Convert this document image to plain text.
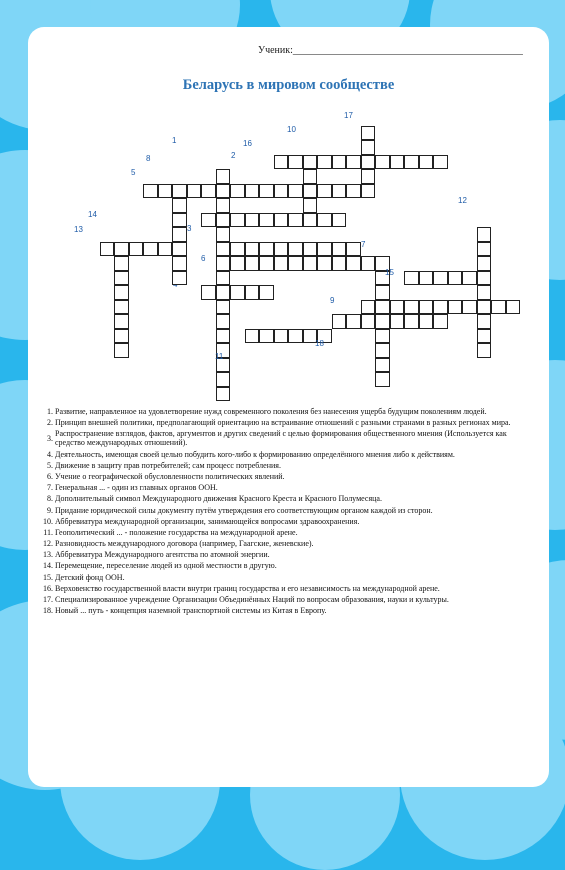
Ученик:______________________________________________
Беларусь в мировом сообществе
1
2
3
5
6
7
8
9
10
11
12
13
14
15
16
17
18
1. Развитие, направленное на удовлетворение нужд современного поколения без нанесения ущерба будущим поколениям людей.
2. Принцип внешней политики, предполагающий ориентацию на встраивание отношений с разными странами в разных регионах мира.
3. Распространение взглядов, фактов, аргументов и других сведений с целью формирования общественного мнения (Используется как средство международных отношений).
4. Деятельность, имеющая своей целью побудить кого-либо к формированию определённого мнения либо к действиям.
5. Движение в защиту прав потребителей; сам процесс потребления.
6. Учение о географической обусловленности политических явлений.
7. Генеральная ... - один из главных органов ООН.
8. Дополнительный символ Международного движения Красного Креста и Красного Полумесяца.
9. Придание юридической силы документу путём утверждения его соответствующим органом каждой из сторон.
10. Аббревиатура международной организации, занимающейся вопросами здравоохранения.
11. Геополитический ... - положение государства на международной арене.
12. Разновидность международного договора (например, Гаагские, женевские).
13. Аббревиатура Международного агентства по атомной энергии.
14. Перемещение, переселение людей из одной местности в другую.
15. Детский фонд ООН.
16. Верховенство государственной власти внутри границ государства и его независимость на международной арене.
17. Специализированное учреждение Организации Объединённых Наций по вопросам образования, науки и культуры.
18. Новый ... путь - концепция наземной транспортной системы из Китая в Европу.
